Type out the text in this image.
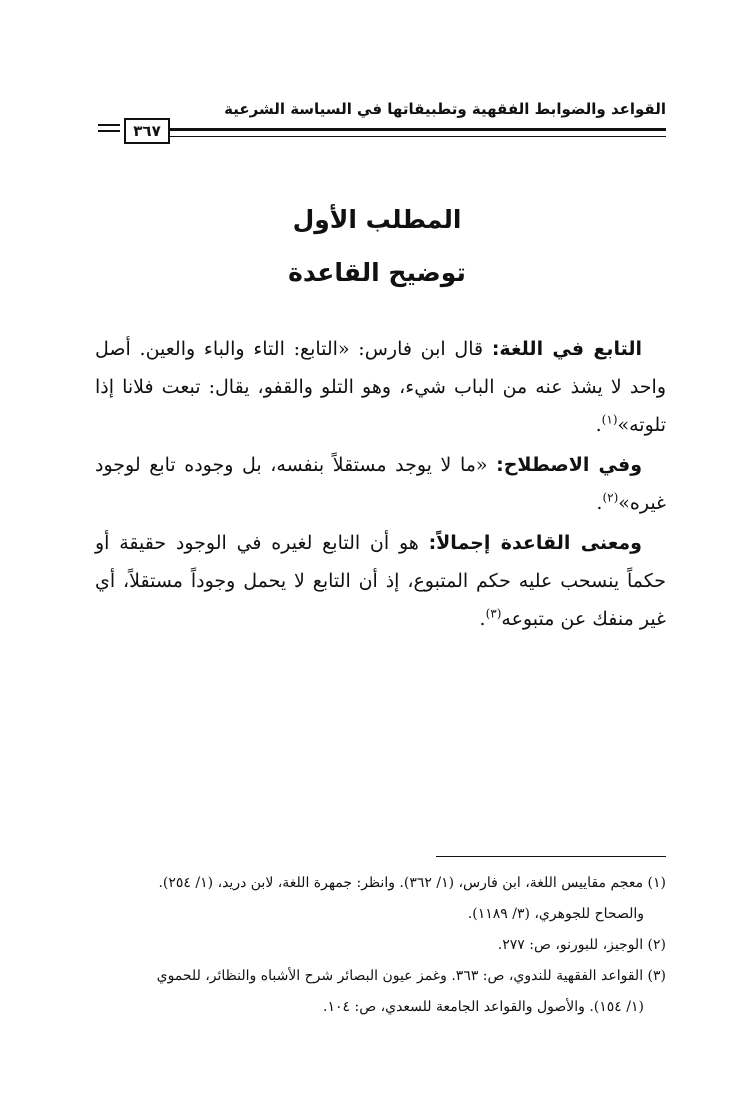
القواعد والضوابط الفقهية وتطبيقاتها في السياسة الشرعية
٣٦٧
المطلب الأول
توضيح القاعدة

التابع في اللغة: قال ابن فارس: «التابع: التاء والباء والعين. أصل واحد لا يشذ عنه من الباب شيء، وهو التلو والقفو، يقال: تبعت فلانا إذا تلوته»$^{(١)}$.

وفي الاصطلاح: «ما لا يوجد مستقلاً بنفسه، بل وجوده تابع لوجود غيره»$^{(٢)}$.

ومعنى القاعدة إجمالاً: هو أن التابع لغيره في الوجود حقيقة أو حكماً ينسحب عليه حكم المتبوع، إذ أن التابع لا يحمل وجوداً مستقلاً، أي غير منفك عن متبوعه$^{(٣)}$.

(١) معجم مقاييس اللغة، ابن فارس، (١/ ٣٦٢). وانظر: جمهرة اللغة، لابن دريد، (١/ ٢٥٤).

والصحاح للجوهري، (٣/ ١١٨٩).

(٢) الوجيز، للبورنو، ص: ٢٧٧.

(٣) القواعد الفقهية للندوي، ص: ٣٦٣. وغمز عيون البصائر شرح الأشباه والنظائر، للحموي

(١/ ١٥٤). والأصول والقواعد الجامعة للسعدي، ص: ١٠٤.
